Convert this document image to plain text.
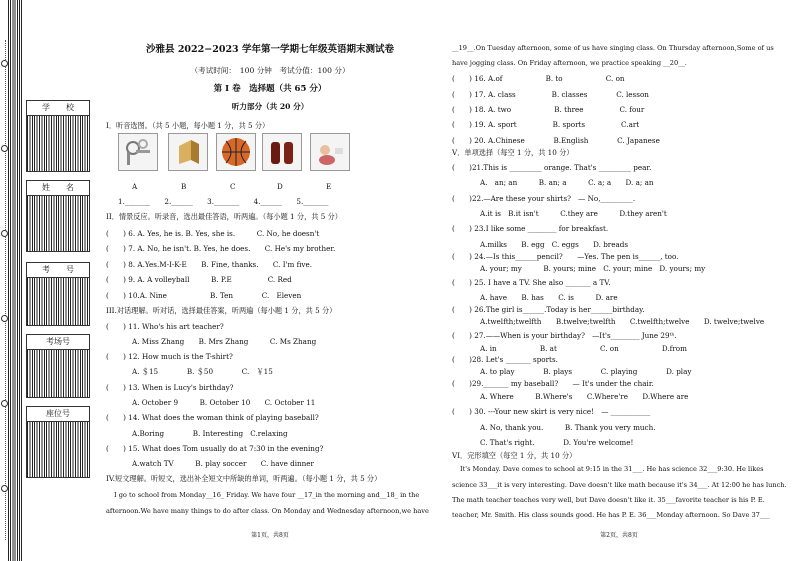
学　　校
姓　　名
考　　号
考场号
座位号
沙雅县 2022−2023 学年第一学期七年级英语期末测试卷
（考试时间：　100 分钟　考试分值：100 分）
第 I 卷　选择题（共 65 分）
听力部分（共 20 分）
I．听音选图。（共 5 小题，每小题 1 分，共 5 分）
A	B	C	D	E
1._______　　2.______　　3._______　　4.______　　5._______
II．情景反应。听录音，选出最佳答语，听两遍。（每小题 1 分，共 5 分）
(　　) 6. A. Yes, he is. B. Yes, she is.　　　C. No, he doesn't
(　　) 7. A. No, he isn't. B. Yes, he does.　　C. He's my brother.
(　　) 8. A.Yes.M-I-K-E　　B. Fine, thanks.　　C. I'm five.
(　　) 9. A. A volleyball　　　B. P.E　　　　　C. Red
(　　) 10.A. Nine　　　　　　B. Ten　　　　C.　Eleven
III.对话理解。听对话，选择最佳答案，听两遍（每小题 1 分，共 5 分）
(　　) 11. Who's his art teacher?
A. Miss Zhang　　B. Mrs Zhang　　　C. Ms Zhang
(　　) 12. How much is the T-shirt?
A. ＄15　　　　B. ＄50　　　　C.　￥15
(　　) 13. When is Lucy's birthday?
A. October 9　　　B. October 10　　C. October 11
(　　) 14. What does the woman think of playing baseball?
A.Boring　　　　B. Interesting　C.relaxing
(　　) 15. What does Tom usually do at 7:30 in the evening?
A.watch TV　　　B. play soccer　　C. have dinner
IV.短文理解。听短文，选出补全短文中所缺的单词，听两遍。（每小题 1 分，共 5 分）
I go to school from Monday__16_ Friday. We have four __17_in the morning and__18_ in the
afternoon.We have many things to do after class. On Monday and Wednesday afternoon,we have
第1页，共8页
__19__.On Tuesday afternoon, some of us have singing class. On Thursday afternoon,Some of us
have jogging class. On Friday afternoon, we practice speaking __20__.
(　　) 16. A.of　　　　　　B. to　　　　　　C. on
(　　) 17. A. class　　　　　B. classes　　　　C. lesson
(　　) 18. A. two　　　　　　B. three　　　　　C. four
(　　) 19. A. sport　　　　　B. sports　　　　　C.art
(　　) 20. A.Chinese　　　　B.English　　　　C. Japanese
V．单项选择（每空 1 分，共 10 分）
(　　)21.This is _________ orange. That's _________ pear.
A.　an; an　　　B. an; a　　　C. a; a　　D. a; an
(　　)22.—Are these your shirts?　— No,_________.
A.it is　B.it isn't　　　C.they are　　　D.they aren't
(　　) 23.I like some ________ for breakfast.
A.milks　　B. egg　C. eggs　　D. breads
(　　) 24.—Is this______pencil?　　—Yes. The pen is______, too.
A. your; my　　　B. yours; mine　C. your; mine　D. yours; my
(　　) 25. I have a TV. She also _______ a TV.
A. have　　B. has　　C. is　　　D. are
(　　) 26.The girl is______.Today is her______birthday.
A.twelfth;twelfth　　B.twelve;twelfth　　C.twelfth;twelve　　D. twelve;twelve
(　　) 27.——When is your birthday?　—It's________ June 29ᵗʰ.
A. in　　　　　　B. at　　　　　　C. on　　　　　　D.from
(　　)28. Let's _______ sports.
A. to play　　　　B. plays　　　　C. playing　　　　D. play
(　　)29._______ my baseball?　　— It's under the chair.
A. Where　　　B.Where's　　C.Where're　　D.Where are
(　　) 30. ---Your new skirt is very nice!　— ___________
A. No, thank you.　　　B. Thank you very much.
C. That's right.　　　　D. You're welcome!
VI．完形填空（每空 1 分，共 10 分）
It's Monday. Dave comes to school at 9:15 in the 31___. He has science 32___9:30. He likes
science 33___it is very interesting. Dave doesn't like math because it's 34___. At 12:00 he has lunch.
The math teacher teaches very well, but Dave doesn't like it. 35___favorite teacher is his P. E.
teacher, Mr. Smith. His class sounds good. He has P. E. 36___Monday afternoon. So Dave 37___
第2页，共8页
